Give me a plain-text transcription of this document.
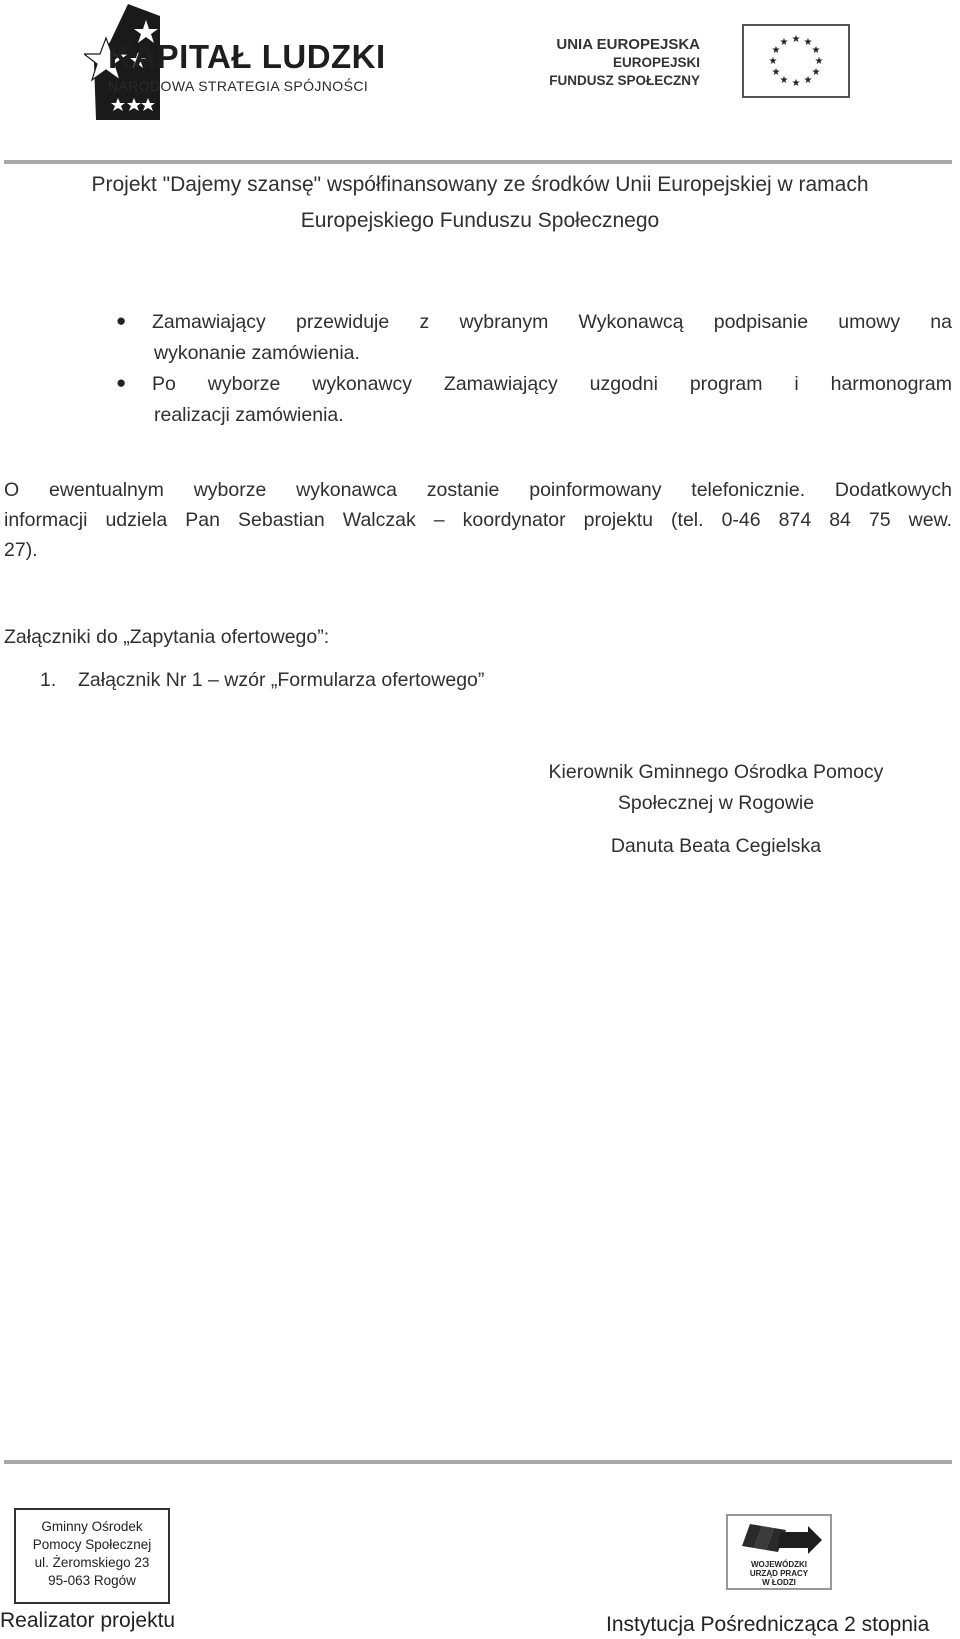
KAPITAŁ LUDZKI
NARODOWA STRATEGIA SPÓJNOŚCI
UNIA EUROPEJSKA
EUROPEJSKI
FUNDUSZ SPOŁECZNY
★ ★
★
★
★
★
★
★
★
★
★
★
Projekt "Dajemy szansę" współfinansowany ze środków Unii Europejskiej w ramach
Europejskiego Funduszu Społecznego
● Zamawiający przewiduje z wybranym Wykonawcą podpisanie umowy na
wykonanie zamówienia.
● Po wyborze wykonawcy Zamawiający uzgodni program i harmonogram
realizacji zamówienia.
O ewentualnym wyborze wykonawca zostanie poinformowany telefonicznie. Dodatkowych
informacji udziela Pan Sebastian Walczak – koordynator projektu (tel. 0-46 874 84 75 wew.
27).
Załączniki do „Zapytania ofertowego”:
1.	Załącznik Nr 1 – wzór „Formularza ofertowego”
Kierownik Gminnego Ośrodka Pomocy
Społecznej w Rogowie
Danuta Beata Cegielska
Gminny Ośrodek
Pomocy Społecznej
ul. Żeromskiego 23
95-063 Rogów
Realizator projektu
WOJEWÓDZKI
URZĄD PRACY
W ŁODZI
Instytucja Pośrednicząca 2 stopnia
